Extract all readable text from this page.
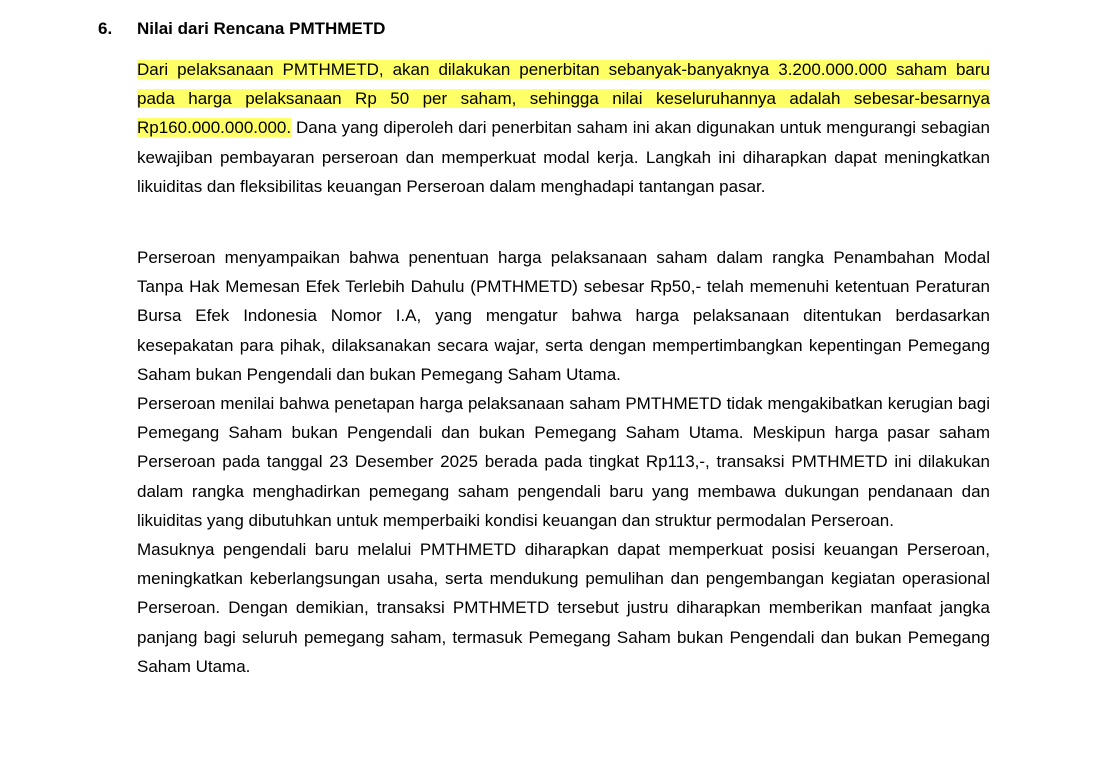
6. Nilai dari Rencana PMTHMETD

Dari pelaksanaan PMTHMETD, akan dilakukan penerbitan sebanyak-banyaknya 3.200.000.000 saham baru pada harga pelaksanaan Rp 50 per saham, sehingga nilai keseluruhannya adalah sebesar-besarnya Rp160.000.000.000. Dana yang diperoleh dari penerbitan saham ini akan digunakan untuk mengurangi sebagian kewajiban pembayaran perseroan dan memperkuat modal kerja. Langkah ini diharapkan dapat meningkatkan likuiditas dan fleksibilitas keuangan Perseroan dalam menghadapi tantangan pasar.

Perseroan menyampaikan bahwa penentuan harga pelaksanaan saham dalam rangka Penambahan Modal Tanpa Hak Memesan Efek Terlebih Dahulu (PMTHMETD) sebesar Rp50,- telah memenuhi ketentuan Peraturan Bursa Efek Indonesia Nomor I.A, yang mengatur bahwa harga pelaksanaan ditentukan berdasarkan kesepakatan para pihak, dilaksanakan secara wajar, serta dengan mempertimbangkan kepentingan Pemegang Saham bukan Pengendali dan bukan Pemegang Saham Utama.

Perseroan menilai bahwa penetapan harga pelaksanaan saham PMTHMETD tidak mengakibatkan kerugian bagi Pemegang Saham bukan Pengendali dan bukan Pemegang Saham Utama. Meskipun harga pasar saham Perseroan pada tanggal 23 Desember 2025 berada pada tingkat Rp113,-, transaksi PMTHMETD ini dilakukan dalam rangka menghadirkan pemegang saham pengendali baru yang membawa dukungan pendanaan dan likuiditas yang dibutuhkan untuk memperbaiki kondisi keuangan dan struktur permodalan Perseroan.

Masuknya pengendali baru melalui PMTHMETD diharapkan dapat memperkuat posisi keuangan Perseroan, meningkatkan keberlangsungan usaha, serta mendukung pemulihan dan pengembangan kegiatan operasional Perseroan. Dengan demikian, transaksi PMTHMETD tersebut justru diharapkan memberikan manfaat jangka panjang bagi seluruh pemegang saham, termasuk Pemegang Saham bukan Pengendali dan bukan Pemegang Saham Utama.
